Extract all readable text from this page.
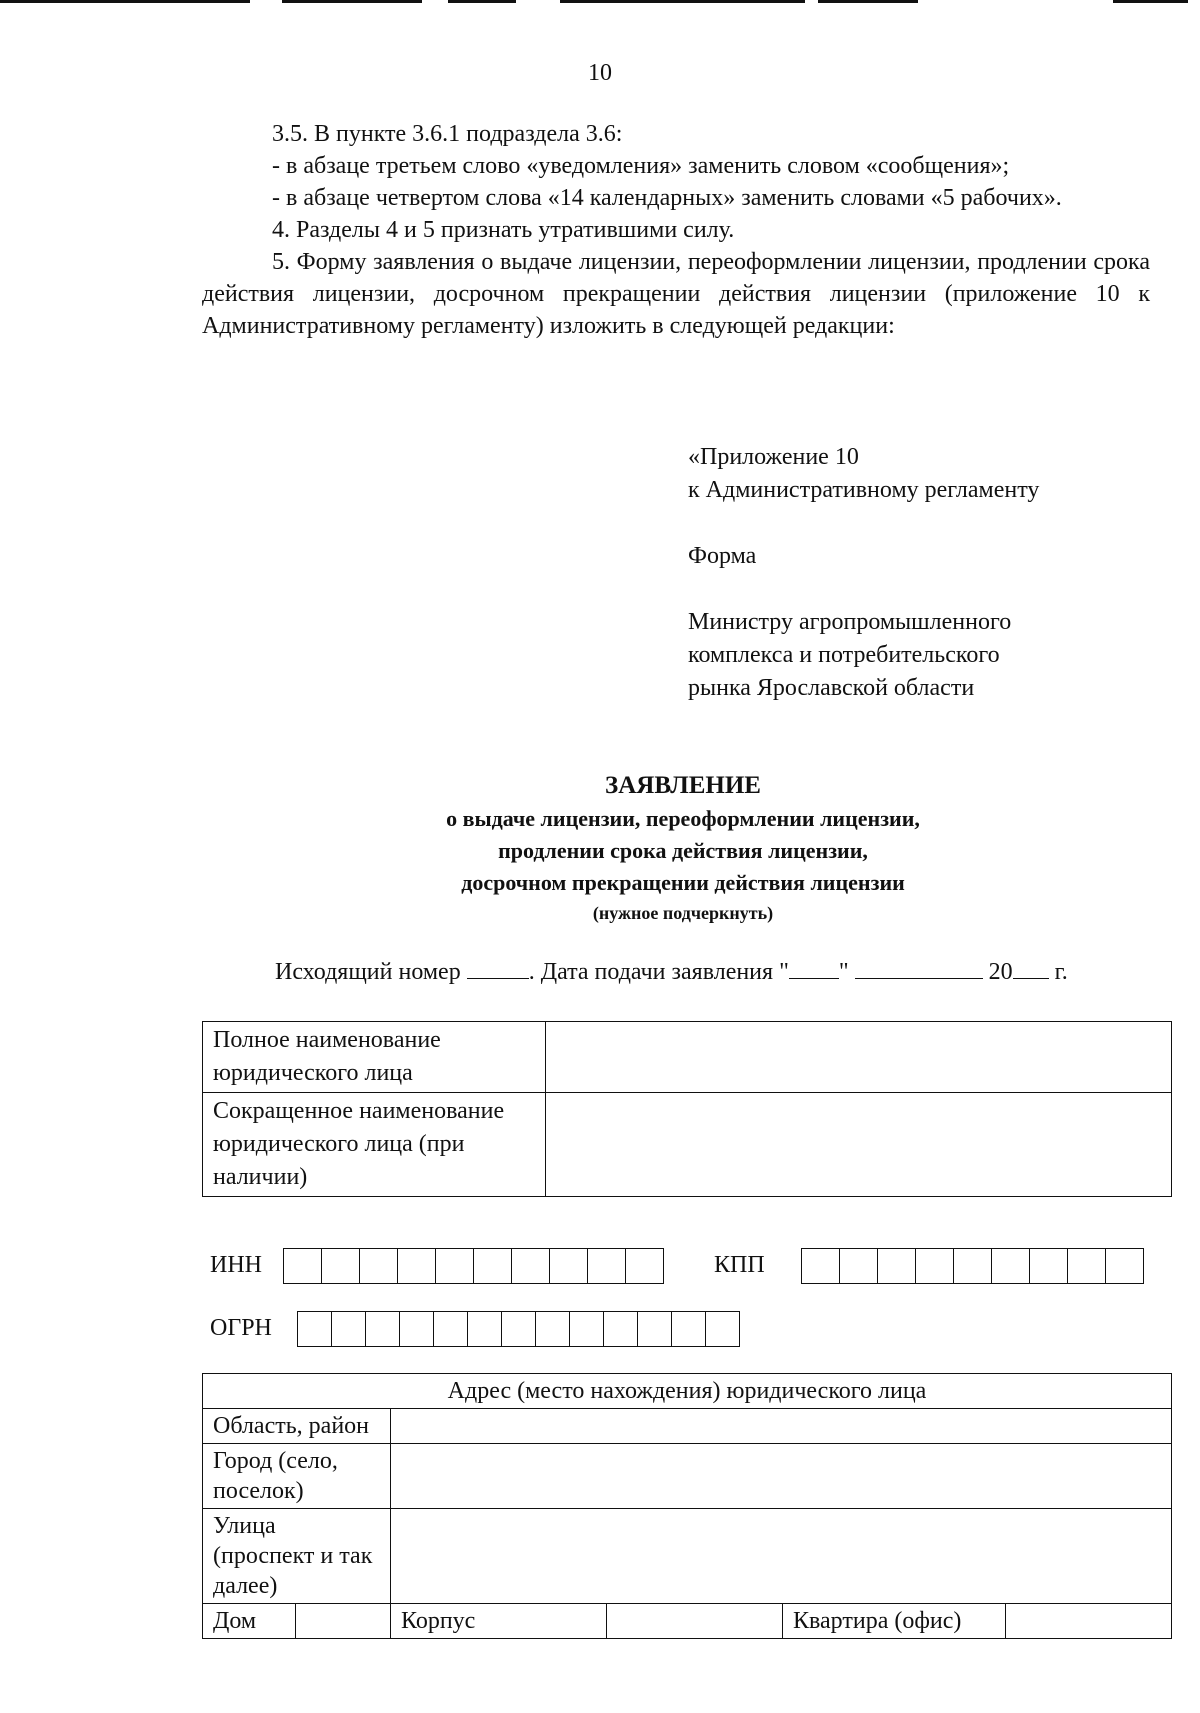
10

3.5. В пункте 3.6.1 подраздела 3.6:

- в абзаце третьем слово «уведомления» заменить словом «сообщения»;

- в абзаце четвертом слова «14 календарных» заменить словами «5 рабочих».

4. Разделы 4 и 5 признать утратившими силу.

5. Форму заявления о выдаче лицензии, переоформлении лицензии, продлении срока действия лицензии, досрочном прекращении действия лицензии (приложение 10 к Административному регламенту) изложить в следующей редакции:

«Приложение 10
к Административному регламенту
Форма
Министру агропромышленного
комплекса и потребительского
рынка Ярославской области
ЗАЯВЛЕНИЕ
о выдаче лицензии, переоформлении лицензии,
продлении срока действия лицензии,
досрочном прекращении действия лицензии
(нужное подчеркнуть)
Исходящий номер	. Дата подачи заявления " "	20 г.
Полное наименование юридического лица	
Сокращенное наименование юридического лица (при наличии)	
ИНН	КПП
ОГРН
Адрес (место нахождения) юридического лица					
Область, район					
Город (село, поселок)					
Улица (проспект и так далее)					
Дом		Корпус		Квартира (офис)	
